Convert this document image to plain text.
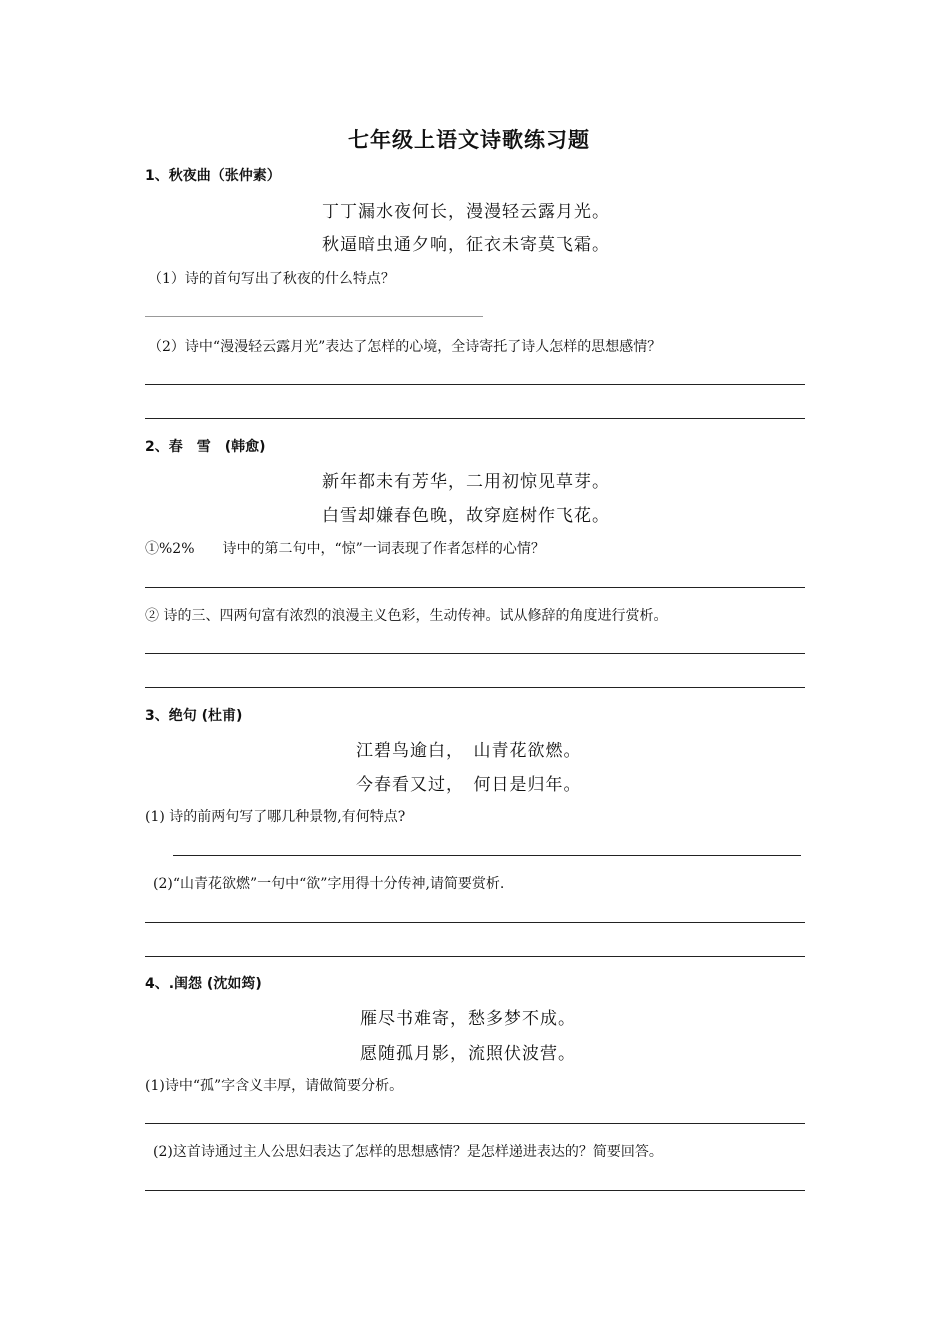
七年级上语文诗歌练习题
1、秋夜曲（张仲素）
丁丁漏水夜何长，漫漫轻云露月光。
秋逼暗虫通夕响，征衣未寄莫飞霜。
（1）诗的首句写出了秋夜的什么特点？
（2）诗中“漫漫轻云露月光”表达了怎样的心境，全诗寄托了诗人怎样的思想感情？
2、春　雪　(韩愈)
新年都未有芳华，二用初惊见草芽。
白雪却嫌春色晚，故穿庭树作飞花。
①%2%　　诗中的第二句中，“惊”一词表现了作者怎样的心情？
② 诗的三、四两句富有浓烈的浪漫主义色彩，生动传神。试从修辞的角度进行赏析。
3、绝句 (杜甫)
江碧鸟逾白，　山青花欲燃。
今春看又过，　何日是归年。
(1) 诗的前两句写了哪几种景物,有何特点?
(2)“山青花欲燃”一句中“欲”字用得十分传神,请简要赏析.
4、.闺怨 (沈如筠)
雁尽书难寄，愁多梦不成。
愿随孤月影，流照伏波营。
(1)诗中“孤”字含义丰厚，请做简要分析。
(2)这首诗通过主人公思妇表达了怎样的思想感情？是怎样递进表达的？简要回答。
